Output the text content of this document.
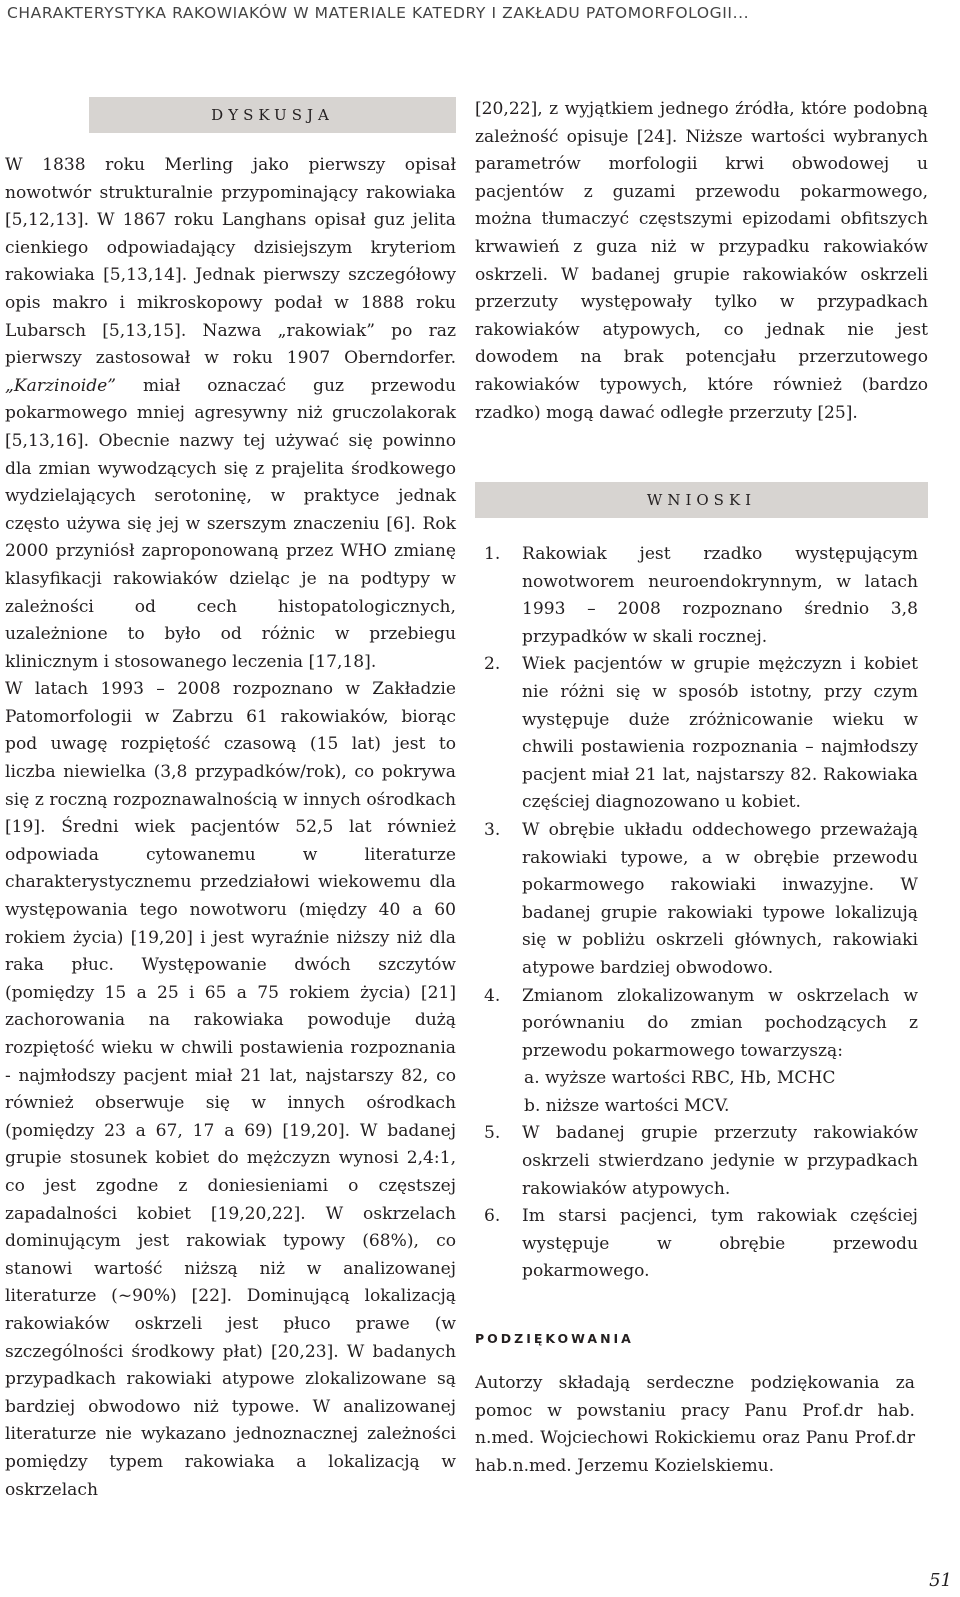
CHARAKTERYSTYKA RAKOWIAKÓW W MATERIALE KATEDRY I ZAKŁADU PATOMORFOLOGII...
DYSKUSJA

W 1838 roku Merling jako pierwszy opisał nowotwór strukturalnie przypominający rakowiaka [5,12,13]. W 1867 roku Langhans opisał guz jelita cienkiego odpowiadający dzisiejszym kryteriom rakowiaka [5,13,14]. Jednak pierwszy szczegółowy opis makro i mikroskopowy podał w 1888 roku Lubarsch [5,13,15]. Nazwa „rakowiak” po raz pierwszy zastosował w roku 1907 Oberndorfer. „Karzinoide” miał oznaczać guz przewodu pokarmowego mniej agresywny niż gruczolakorak [5,13,16]. Obecnie nazwy tej używać się powinno dla zmian wywodzących się z prajelita środkowego wydzielających serotoninę, w praktyce jednak często używa się jej w szerszym znaczeniu [6]. Rok 2000 przyniósł zaproponowaną przez WHO zmianę klasyfikacji rakowiaków dzieląc je na podtypy w zależności od cech histopatologicznych, uzależnione to było od różnic w przebiegu klinicznym i stosowanego leczenia [17,18].

W latach 1993 – 2008 rozpoznano w Zakładzie Patomorfologii w Zabrzu 61 rakowiaków, biorąc pod uwagę rozpiętość czasową (15 lat) jest to liczba niewielka (3,8 przypadków/rok), co pokrywa się z roczną rozpoznawalnością w innych ośrodkach [19]. Średni wiek pacjentów 52,5 lat również odpowiada cytowanemu w literaturze charakterystycznemu przedziałowi wiekowemu dla występowania tego nowotworu (między 40 a 60 rokiem życia) [19,20] i jest wyraźnie niższy niż dla raka płuc. Występowanie dwóch szczytów (pomiędzy 15 a 25 i 65 a 75 rokiem życia) [21] zachorowania na rakowiaka powoduje dużą rozpiętość wieku w chwili postawienia rozpoznania - najmłodszy pacjent miał 21 lat, najstarszy 82, co również obserwuje się w innych ośrodkach (pomiędzy 23 a 67, 17 a 69) [19,20]. W badanej grupie stosunek kobiet do mężczyzn wynosi 2,4:1, co jest zgodne z doniesieniami o częstszej zapadalności kobiet [19,20,22]. W oskrzelach dominującym jest rakowiak typowy (68%), co stanowi wartość niższą niż w analizowanej literaturze (~90%) [22]. Dominującą lokalizacją rakowiaków oskrzeli jest płuco prawe (w szczególności środkowy płat) [20,23]. W badanych przypadkach rakowiaki atypowe zlokalizowane są bardziej obwodowo niż typowe. W analizowanej literaturze nie wykazano jednoznacznej zależności pomiędzy typem rakowiaka a lokalizacją w oskrzelach

[20,22], z wyjątkiem jednego źródła, które podobną zależność opisuje [24]. Niższe wartości wybranych parametrów morfologii krwi obwodowej u pacjentów z guzami przewodu pokarmowego, można tłumaczyć częstszymi epizodami obfitszych krwawień z guza niż w przypadku rakowiaków oskrzeli. W badanej grupie rakowiaków oskrzeli przerzuty występowały tylko w przypadkach rakowiaków atypowych, co jednak nie jest dowodem na brak potencjału przerzutowego rakowiaków typowych, które również (bardzo rzadko) mogą dawać odległe przerzuty [25].

WNIOSKI
1. Rakowiak jest rzadko występującym nowotworem neuroendokrynnym, w latach 1993 – 2008 rozpoznano średnio 3,8 przypadków w skali rocznej.
2. Wiek pacjentów w grupie mężczyzn i kobiet nie różni się w sposób istotny, przy czym występuje duże zróżnicowanie wieku w chwili postawienia rozpoznania – najmłodszy pacjent miał 21 lat, najstarszy 82. Rakowiaka częściej diagnozowano u kobiet.
3. W obrębie układu oddechowego przeważają rakowiaki typowe, a w obrębie przewodu pokarmowego rakowiaki inwazyjne. W badanej grupie rakowiaki typowe lokalizują się w pobliżu oskrzeli głównych, rakowiaki atypowe bardziej obwodowo.
4. Zmianom zlokalizowanym w oskrzelach w porównaniu do zmian pochodzących z przewodu pokarmowego towarzyszą:
a. wyższe wartości RBC, Hb, MCHC
b. niższe wartości MCV.
5. W badanej grupie przerzuty rakowiaków oskrzeli stwierdzano jedynie w przypadkach rakowiaków atypowych.
6. Im starsi pacjenci, tym rakowiak częściej występuje w obrębie przewodu pokarmowego.
PODZIĘKOWANIA

Autorzy składają serdeczne podziękowania za pomoc w powstaniu pracy Panu Prof.dr hab. n.med. Wojciechowi Rokickiemu oraz Panu Prof.dr hab.n.med. Jerzemu Kozielskiemu.

51
